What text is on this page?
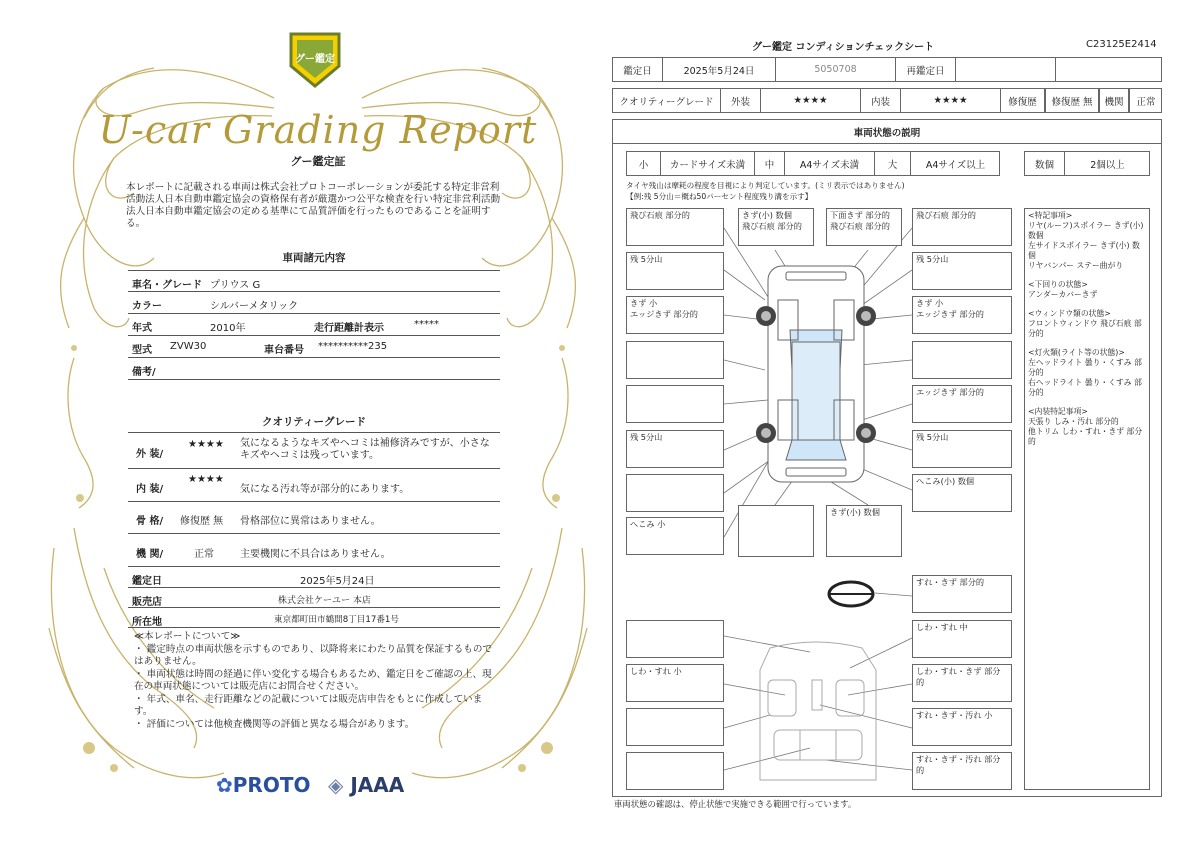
グー鑑定
U-car Grading Report
グー鑑定証
本レポートに記載される車両は株式会社プロトコーポレーションが委託する特定非営利活動法人日本自動車鑑定協会の資格保有者が厳選かつ公平な検査を行い特定非営利活動法人日本自動車鑑定協会の定める基準にて品質評価を行ったものであることを証明する。
車両諸元内容
車名・グレード プリウス G
カラー	シルバーメタリック
年式	2010年	走行距離計表示	*****
型式 ZVW30	車台番号 **********235
備考/
クオリティーグレード
外 装/
★★★★ 気になるようなキズやヘコミは補修済みですが、小さなキズやヘコミは残っています。
内 装/
★★★★
気になる汚れ等が部分的にあります。
骨 格/ 修復歴 無 骨格部位に異常はありません。
機 関/	正常	主要機関に不具合はありません。
鑑定日	2025年5月24日
販売店	株式会社ケーユー 本店
所在地	東京都町田市鶴間8丁目17番1号
≪本レポートについて≫
・ 鑑定時点の車両状態を示すものであり、以降将来にわたり品質を保証するものではありません。
・ 車両状態は時間の経過に伴い変化する場合もあるため、鑑定日をご確認の上、現在の車両状態については販売店にお問合せください。
・ 年式、車名、走行距離などの記載については販売店申告をもとに作成しています。
・ 評価については他検査機関等の評価と異なる場合があります。
✿PROTO ◈ JAAA
グー鑑定 コンディションチェックシート	C23125E2414
鑑定日	2025年5月24日	5050708	再鑑定日
クオリティーグレード	外装	★★★★	内装	★★★★	修復歴	修復歴 無	機関	正常
車両状態の説明
小	カードサイズ未満	中	A4サイズ未満	大	A4サイズ以上	数個	2個以上
タイヤ残山は摩耗の程度を目視により判定しています。(ミリ表示ではありません)
【例:残 5分山＝概ね50パーセント程度残り溝を示す】
飛び石痕 部分的
残 5分山
きず 小
エッジきず 部分的
残 5分山
へこみ 小
きず(小) 数個
飛び石痕 部分的
下面きず 部分的
飛び石痕 部分的
飛び石痕 部分的
残 5分山
きず 小
エッジきず 部分的
エッジきず 部分的
残 5分山
へこみ(小) 数個
きず(小) 数個
しわ・すれ 小
すれ・きず 部分的
しわ・すれ 中
しわ・すれ・きず 部分的
すれ・きず・汚れ 小
すれ・きず・汚れ 部分的
<特記事項>
リヤ(ルーフ)スポイラー きず(小) 数個
左サイドスポイラー きず(小) 数個
リヤバンパー ステー曲がり
<下回りの状態>
アンダーカバーきず
<ウィンドウ類の状態>
フロントウィンドウ 飛び石痕 部分的
<灯火類(ライト等の状態)>
左ヘッドライト 曇り・くすみ 部分的
右ヘッドライト 曇り・くすみ 部分的
<内装特記事項>
天張り しみ・汚れ 部分的
他トリム しわ・すれ・きず 部分的
車両状態の確認は、停止状態で実施できる範囲で行っています。
